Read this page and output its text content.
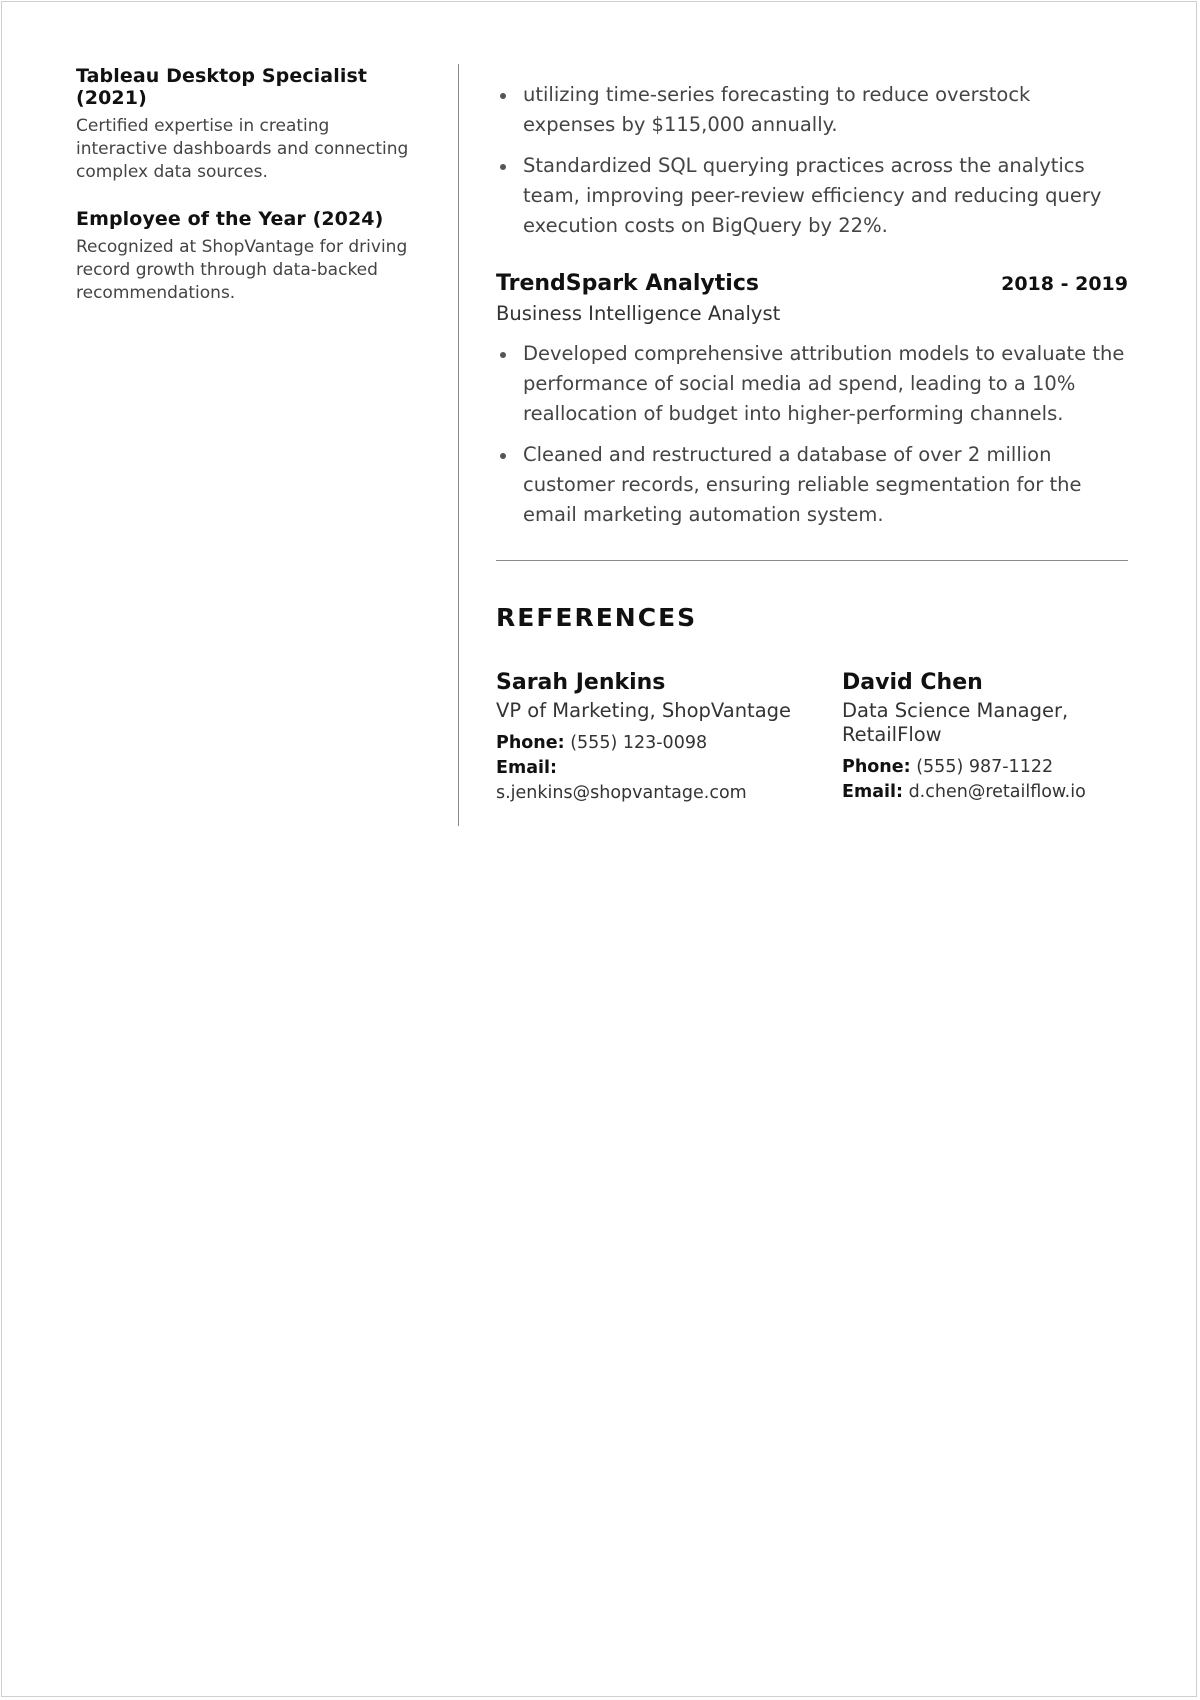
Tableau Desktop Specialist (2021)

Certified expertise in creating interactive dashboards and connecting complex data sources.

Employee of the Year (2024)

Recognized at ShopVantage for driving record growth through data-backed recommendations.

utilizing time-series forecasting to reduce overstock expenses by $115,000 annually.
Standardized SQL querying practices across the analytics team, improving peer-review efficiency and reducing query execution costs on BigQuery by 22%.
TrendSpark Analytics	2018 - 2019
Business Intelligence Analyst
Developed comprehensive attribution models to evaluate the performance of social media ad spend, leading to a 10% reallocation of budget into higher-performing channels.
Cleaned and restructured a database of over 2 million customer records, ensuring reliable segmentation for the email marketing automation system.
REFERENCES
Sarah Jenkins
VP of Marketing, ShopVantage
Phone: (555) 123-0098
Email:
s.jenkins@shopvantage.com
David Chen
Data Science Manager, RetailFlow
Phone: (555) 987-1122
Email: d.chen@retailflow.io
